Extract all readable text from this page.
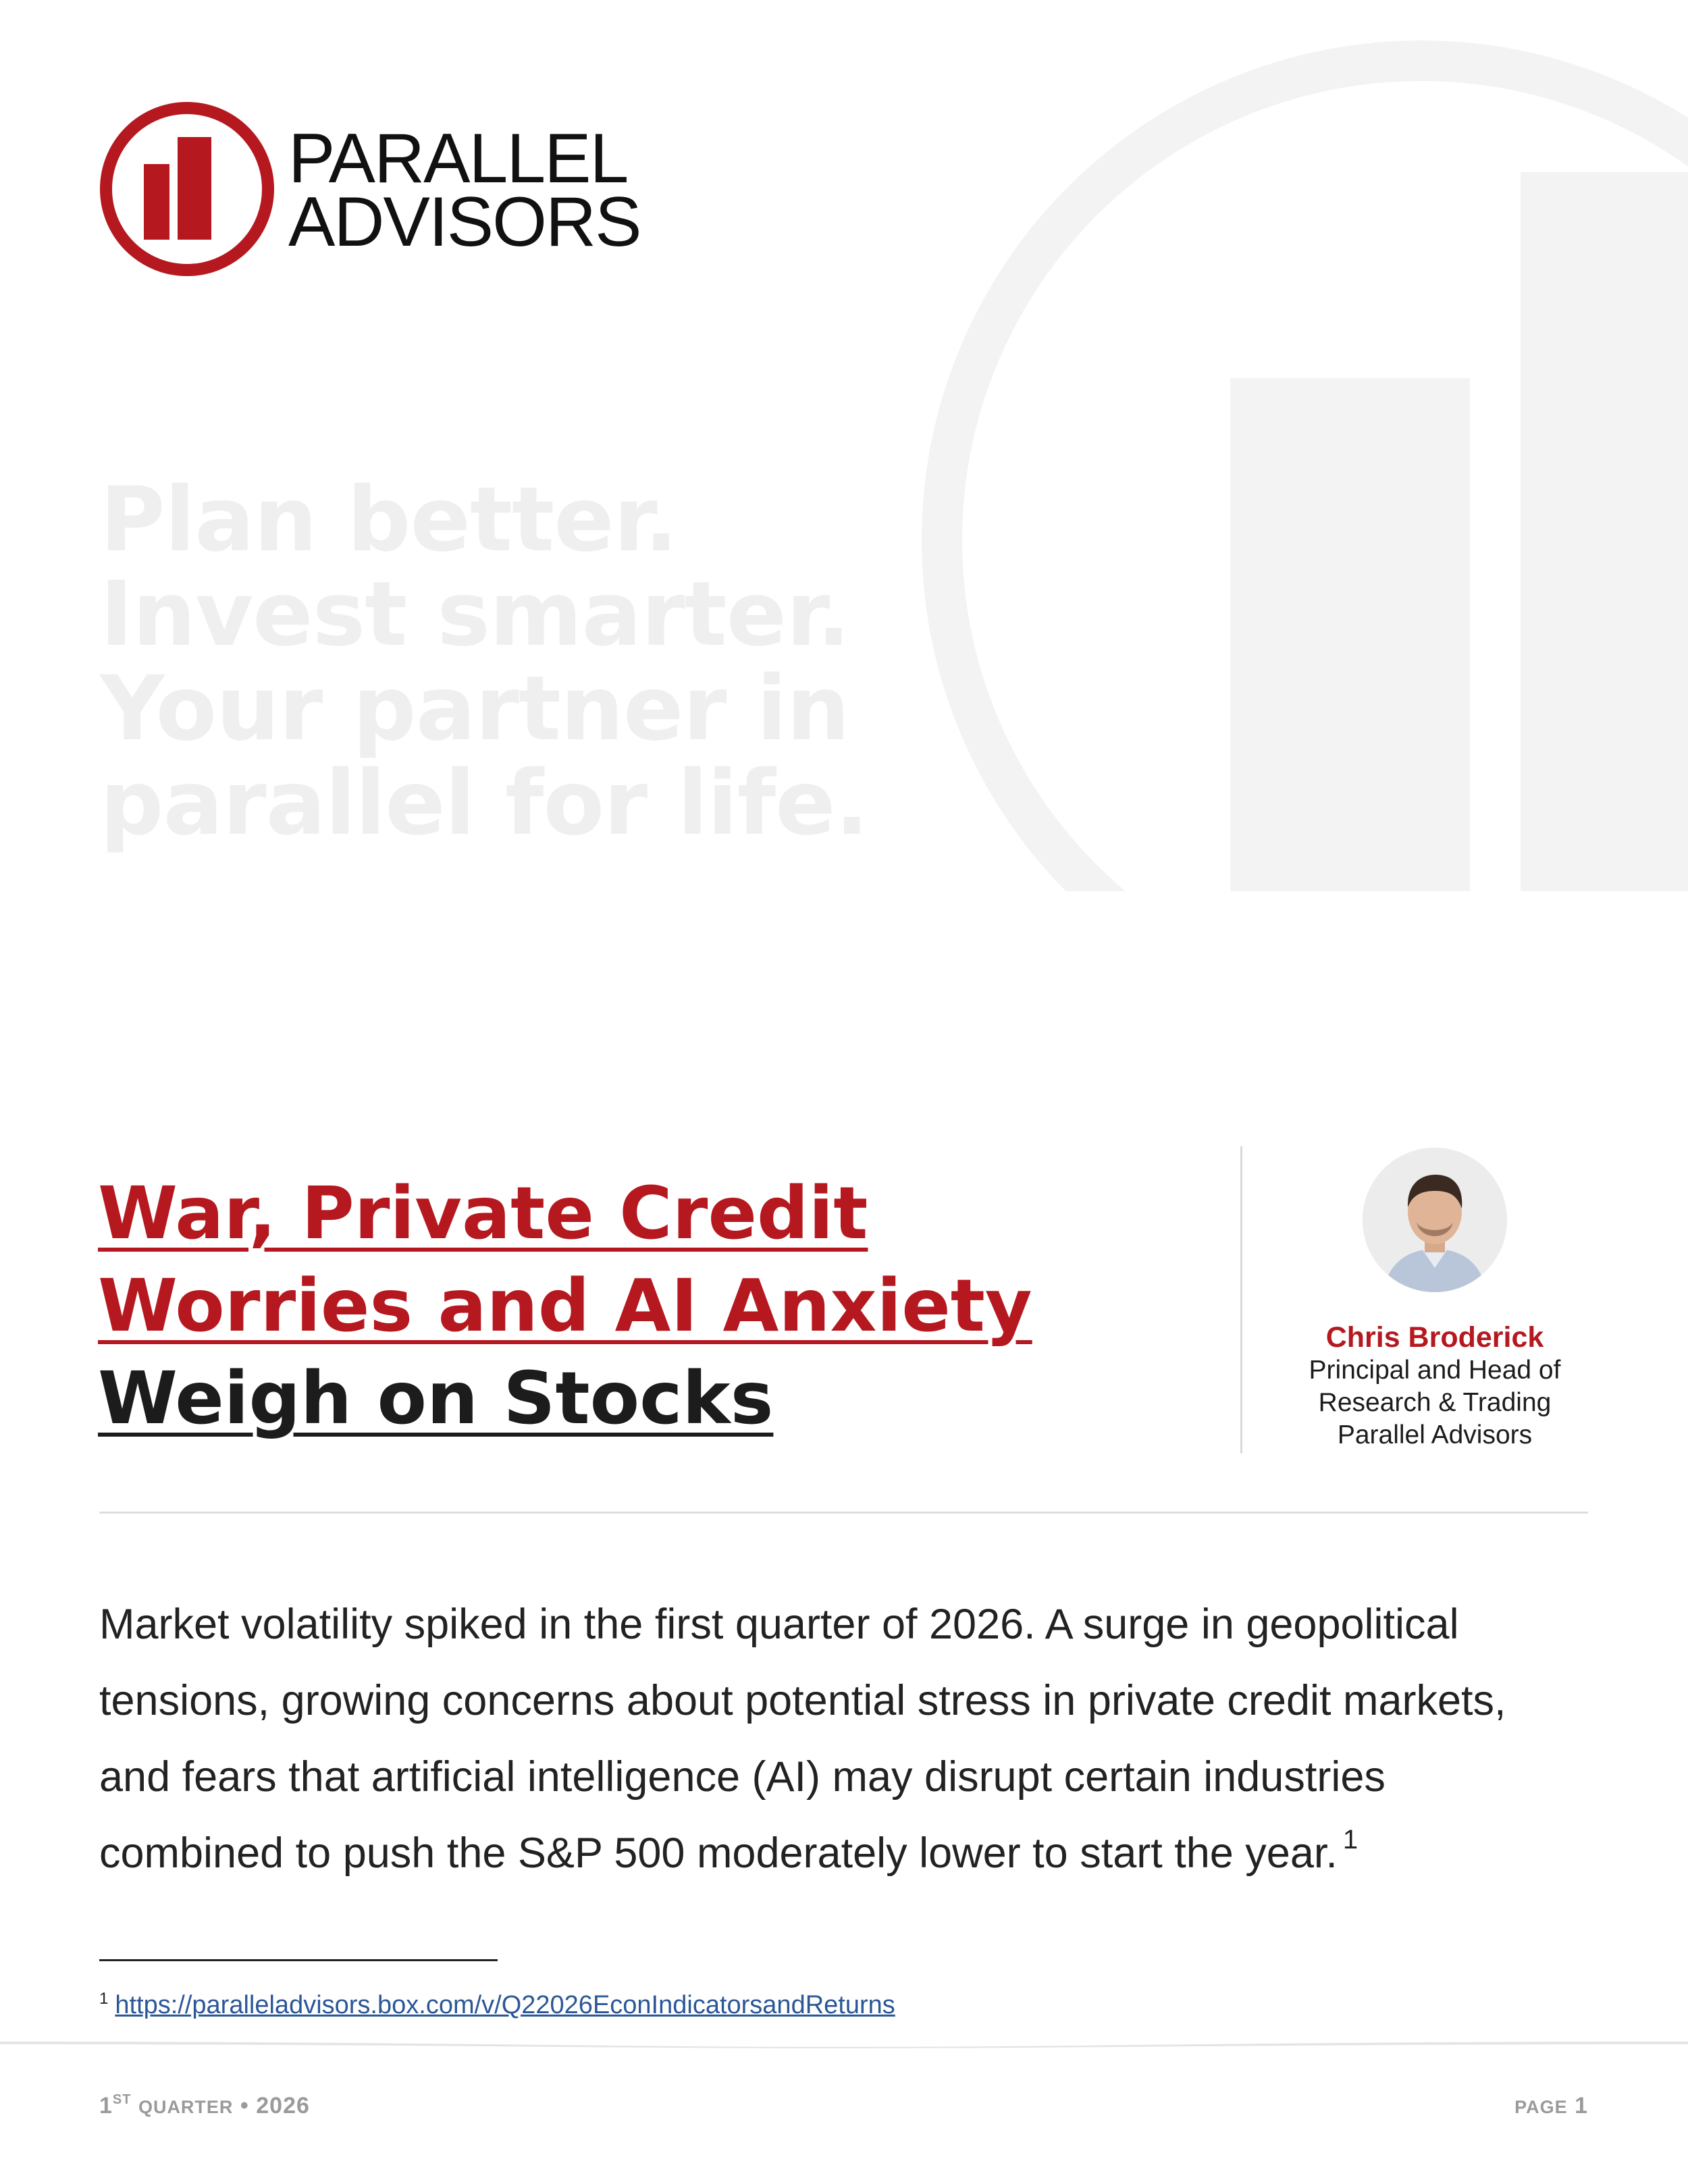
PARALLEL
ADVISORS
Plan better.
Invest smarter.
Your partner in
parallel for life.
War, Private Credit
Worries and AI Anxiety
Weigh on Stocks
Chris Broderick
Principal and Head of
Research & Trading
Parallel Advisors
Market volatility spiked in the first quarter of 2026. A surge in geopolitical
tensions, growing concerns about potential stress in private credit markets,
and fears that artificial intelligence (AI) may disrupt certain industries
combined to push the S&P 500 moderately lower to start the year. $^1$
$^1$ https://paralleladvisors.box.com/v/Q22026EconIndicatorsandReturns
1ST QUARTER • 2026	PAGE 1
